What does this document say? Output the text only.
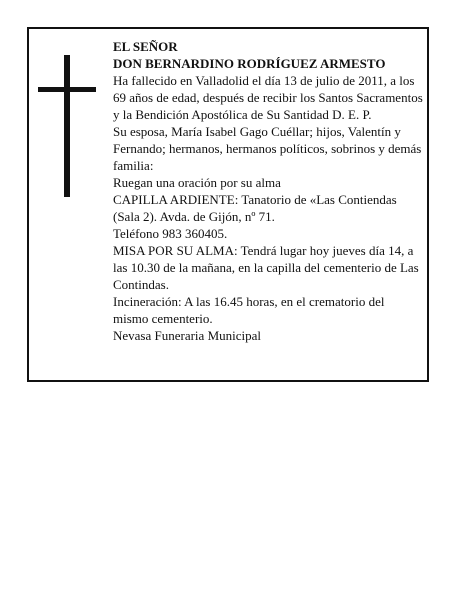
EL SEÑOR

DON BERNARDINO RODRÍGUEZ ARMESTO

Ha fallecido en Valladolid el día 13 de julio de 2011, a los 69 años de edad, después de recibir los Santos Sacramentos y la Bendición Apostólica de Su Santidad D. E. P.

Su esposa, María Isabel Gago Cuéllar; hijos, Valentín y Fernando; hermanos, hermanos políticos, sobrinos y demás familia:

Ruegan una oración por su alma

CAPILLA ARDIENTE: Tanatorio de «Las Contiendas (Sala 2). Avda. de Gijón, nº 71.

Teléfono 983 360405.

MISA POR SU ALMA: Tendrá lugar hoy jueves día 14, a las 10.30 de la mañana, en la capilla del cementerio de Las Contindas.

Incineración: A las 16.45 horas, en el crematorio del mismo cementerio.

Nevasa Funeraria Municipal
